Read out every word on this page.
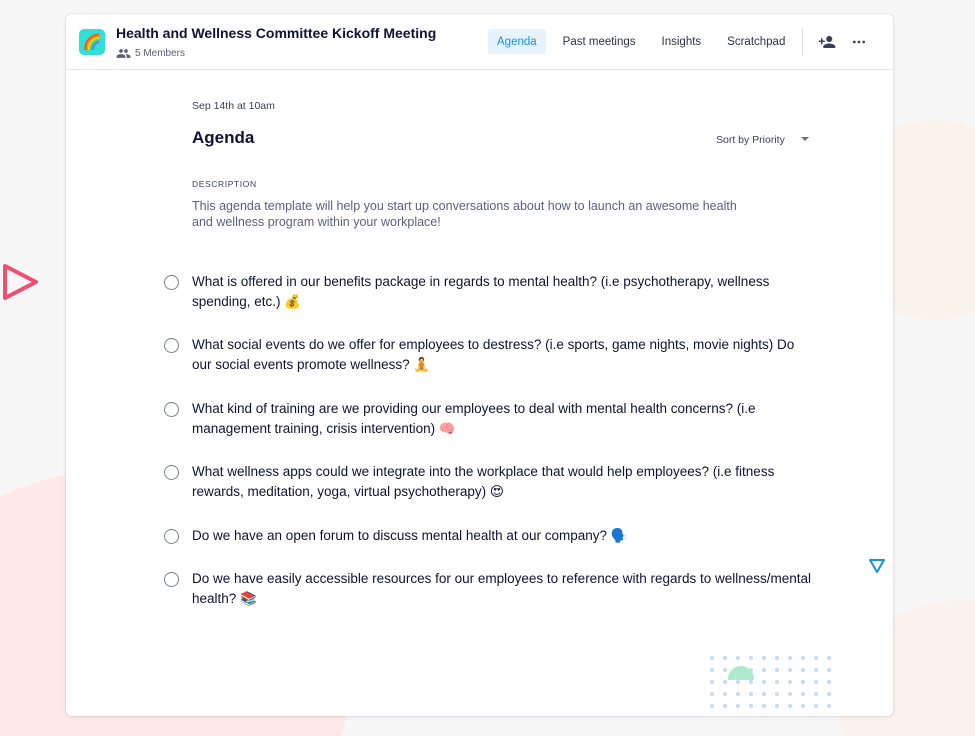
🌈
Health and Wellness Committee Kickoff Meeting
5 Members
Agenda	Past meetings	Insights	Scratchpad
Sep 14th at 10am
Agenda	Sort by Priority
DESCRIPTION
This agenda template will help you start up conversations about how to launch an awesome health and wellness program within your workplace!
What is offered in our benefits package in regards to mental health? (i.e psychotherapy, wellness spending, etc.) 💰
What social events do we offer for employees to destress? (i.e sports, game nights, movie nights) Do our social events promote wellness? 🧘
What kind of training are we providing our employees to deal with mental health concerns? (i.e management training, crisis intervention) 🧠
What wellness apps could we integrate into the workplace that would help employees? (i.e fitness rewards, meditation, yoga, virtual psychotherapy) 😍
Do we have an open forum to discuss mental health at our company? 🗣️
Do we have easily accessible resources for our employees to reference with regards to wellness/mental health? 📚
